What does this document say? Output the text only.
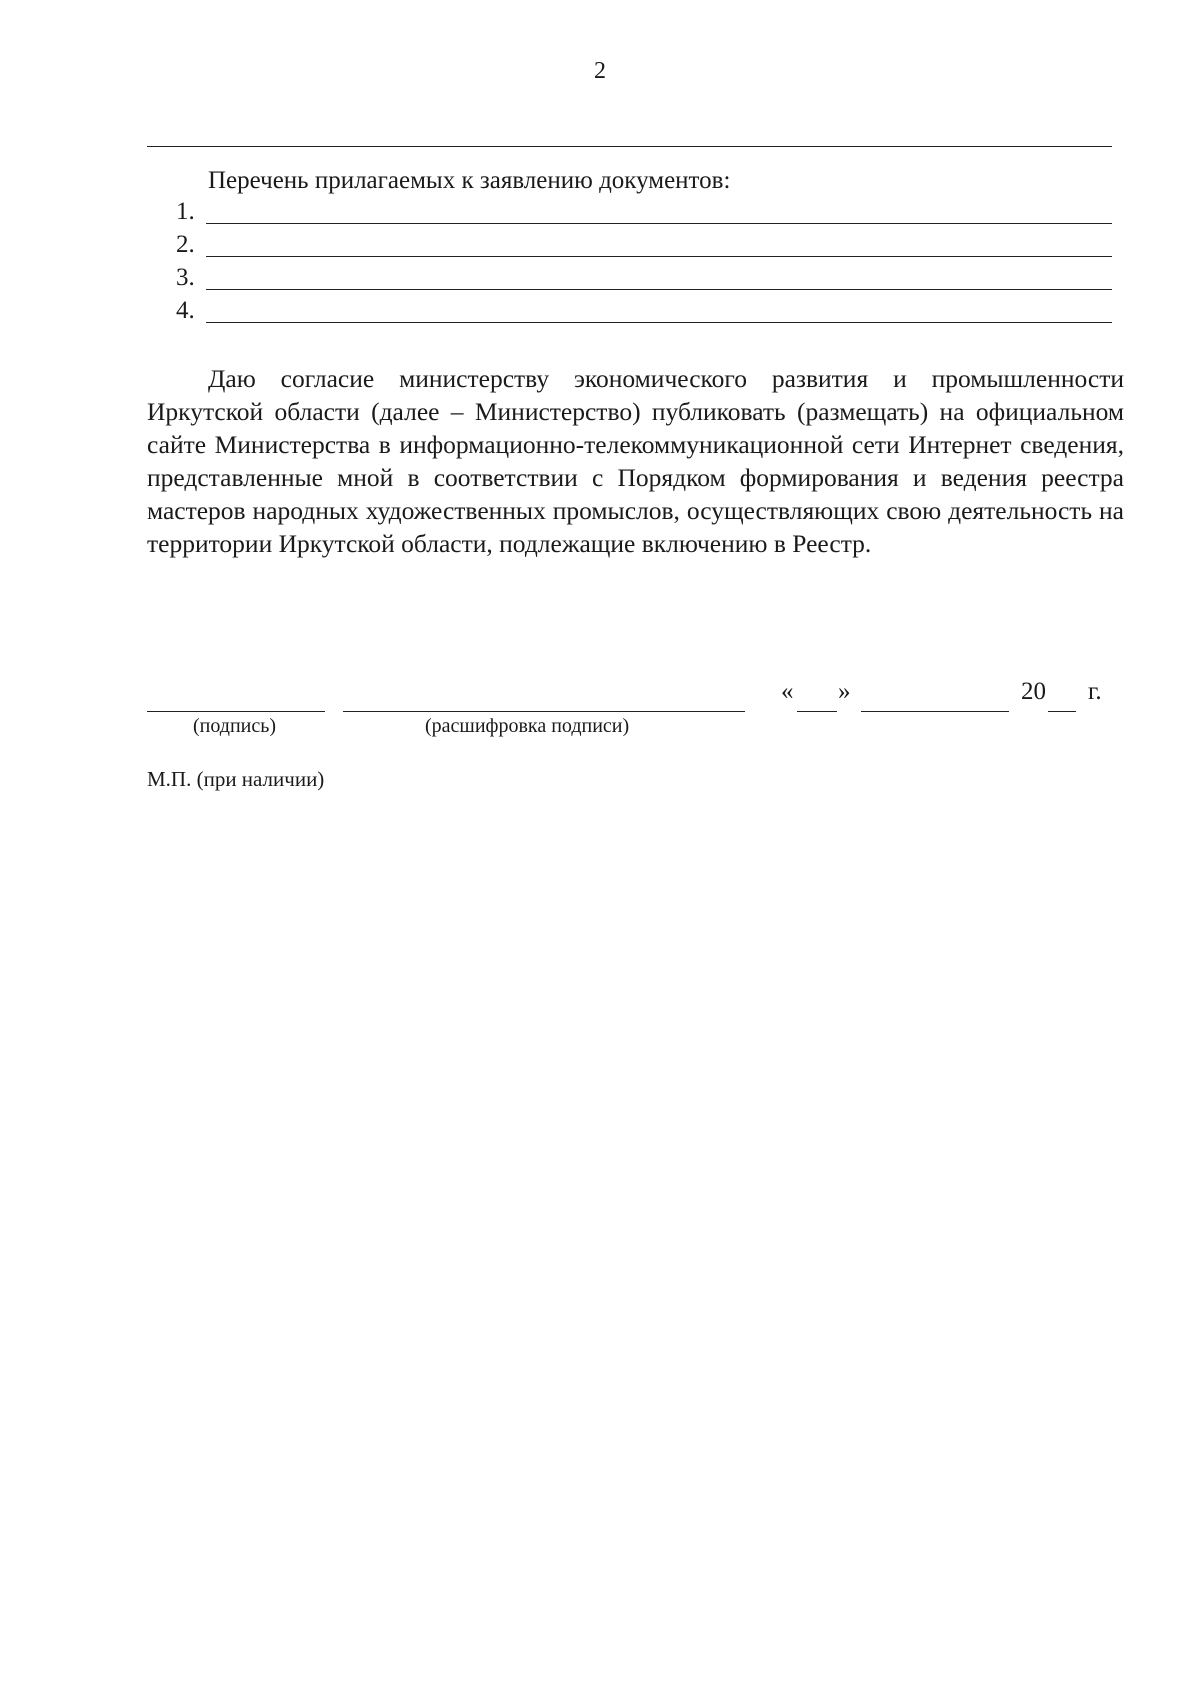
2
Перечень прилагаемых к заявлению документов:
1.
2.
3.
4.
Даю согласие министерству экономического развития и промышленности Иркутской области (далее – Министерство) публиковать (размещать) на официальном сайте Министерства в информационно-телекоммуникационной сети Интернет сведения, представленные мной в соответствии с Порядком формирования и ведения реестра мастеров народных художественных промыслов, осуществляющих свою деятельность на территории Иркутской области, подлежащие включению в Реестр.
« »	20 г.
(подпись)	(расшифровка подписи)
М.П. (при наличии)
